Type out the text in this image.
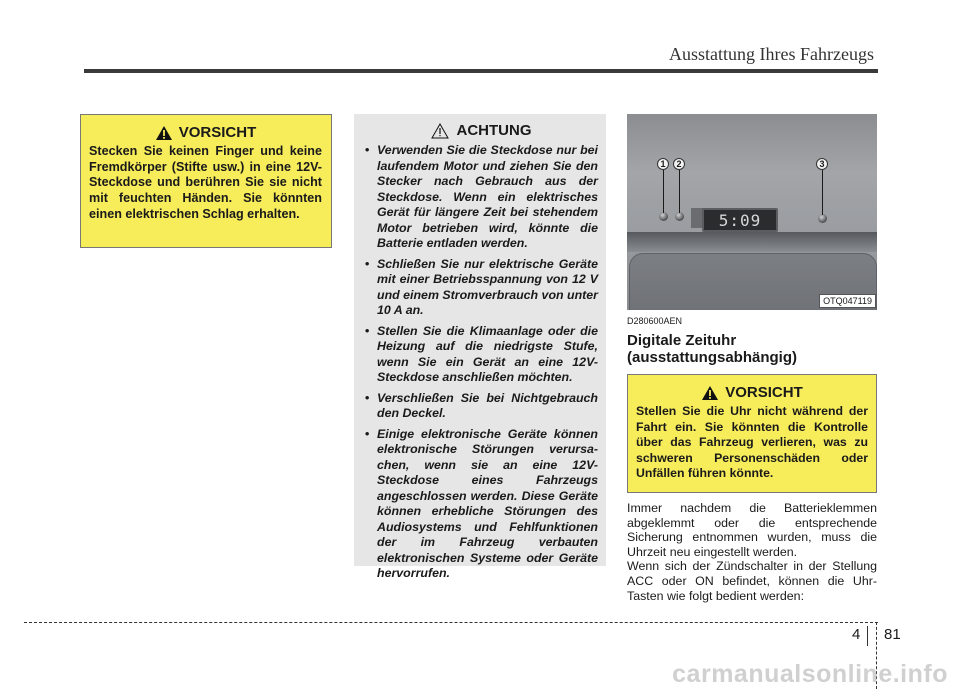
Ausstattung Ihres Fahrzeugs
VORSICHT
Stecken Sie keinen Finger und keine Fremdkörper (Stifte usw.) in eine 12V-Steckdose und berühren Sie sie nicht mit feuchten Händen. Sie könnten einen elektrischen Schlag erhalten.
ACHTUNG
• Verwenden Sie die Steckdose nur bei laufendem Motor und ziehen Sie den Stecker nach Gebrauch aus der Steckdose. Wenn ein elektrisches Gerät für längere Zeit bei stehendem Motor betrieben wird, könnte die Batterie entladen werden.
• Schließen Sie nur elektrische Geräte mit einer Betriebsspannung von 12 V und einem Stromverbrauch von unter 10 A an.
• Stellen Sie die Klimaanlage oder die Heizung auf die niedrigste Stufe, wenn Sie ein Gerät an eine 12V-Steckdose anschließen möchten.
• Verschließen Sie bei Nichtgebrauch den Deckel.
• Einige elektronische Geräte können elektronische Störungen verursa-chen, wenn sie an eine 12V-Steckdose eines Fahrzeugs angeschlossen werden. Diese Geräte können erhebliche Störungen des Audiosystems und Fehlfunktionen der im Fahrzeug verbauten elektronischen Systeme oder Geräte hervorrufen.
5:09
1	2	3
OTQ047119
D280600AEN
Digitale Zeituhr
(ausstattungsabhängig)
VORSICHT
Stellen Sie die Uhr nicht während der Fahrt ein. Sie könnten die Kontrolle über das Fahrzeug verlieren, was zu schweren Personenschäden oder Unfällen führen könnte.

Immer nachdem die Batterieklemmen abgeklemmt oder die entsprechende Sicherung entnommen wurden, muss die Uhrzeit neu eingestellt werden.

Wenn sich der Zündschalter in der Stellung ACC oder ON befindet, können die Uhr-Tasten wie folgt bedient werden:

4 81
carmanualsonline.info
